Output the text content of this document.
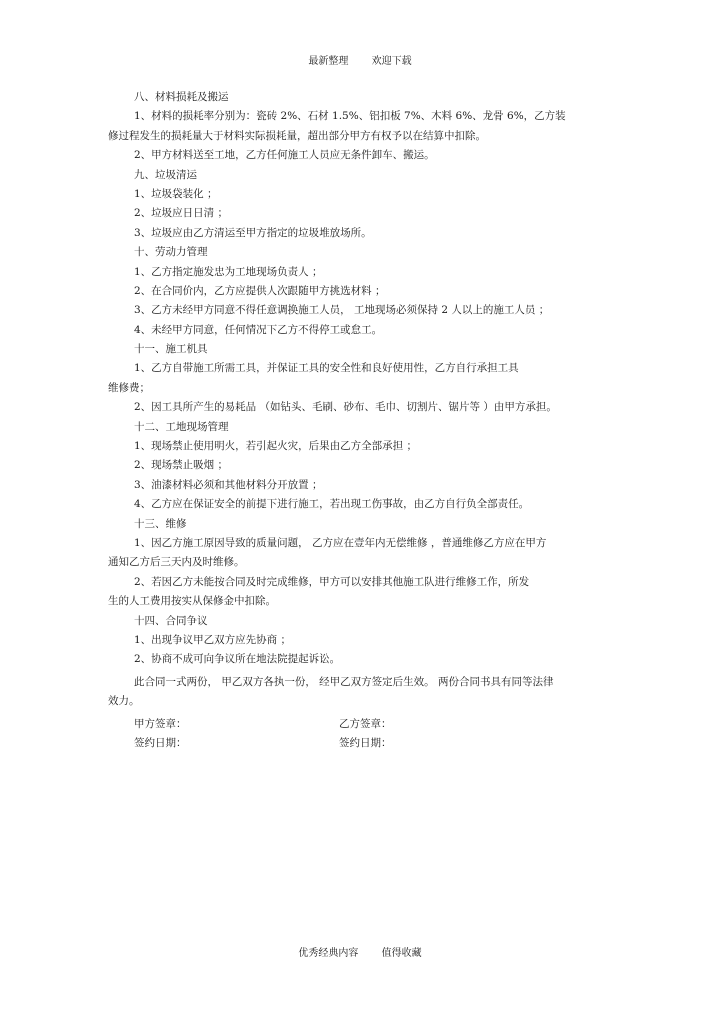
最新整理 欢迎下载
八、材料损耗及搬运
1、材料的损耗率分别为：瓷砖 2%、石材 1.5%、铝扣板 7%、木料 6%、龙骨 6%，乙方装
修过程发生的损耗量大于材料实际损耗量，超出部分甲方有权予以在结算中扣除。
2、甲方材料送至工地，乙方任何施工人员应无条件卸车、搬运。
九、垃圾清运
1、垃圾袋装化 ；
2、垃圾应日日清 ；
3、垃圾应由乙方清运至甲方指定的垃圾堆放场所。
十、劳动力管理
1、乙方指定施发忠为工地现场负责人 ；
2、在合同价内，乙方应提供人次跟随甲方挑选材料 ；
3、乙方未经甲方同意不得任意调换施工人员， 工地现场必须保持 2 人以上的施工人员 ；
4、未经甲方同意，任何情况下乙方不得停工或怠工。
十一、施工机具
1、乙方自带施工所需工具，并保证工具的安全性和良好使用性，乙方自行承担工具
维修费；
2、因工具所产生的易耗品 （如钻头、毛刷、砂布、毛巾、切割片、锯片等 ）由甲方承担。
十二、工地现场管理
1、现场禁止使用明火，若引起火灾，后果由乙方全部承担 ；
2、现场禁止吸烟 ；
3、油漆材料必须和其他材料分开放置 ；
4、乙方应在保证安全的前提下进行施工，若出现工伤事故，由乙方自行负全部责任。
十三、维修
1、因乙方施工原因导致的质量问题， 乙方应在壹年内无偿维修 ，普通维修乙方应在甲方
通知乙方后三天内及时维修。
2、若因乙方未能按合同及时完成维修，甲方可以安排其他施工队进行维修工作，所发
生的人工费用按实从保修金中扣除。
十四、合同争议
1、出现争议甲乙双方应先协商 ；
2、协商不成可向争议所在地法院提起诉讼。
此合同一式两份， 甲乙双方各执一份， 经甲乙双方签定后生效。 两份合同书具有同等法律
效力。
甲方签章：	乙方签章：
签约日期：	签约日期：
优秀经典内容 值得收藏
